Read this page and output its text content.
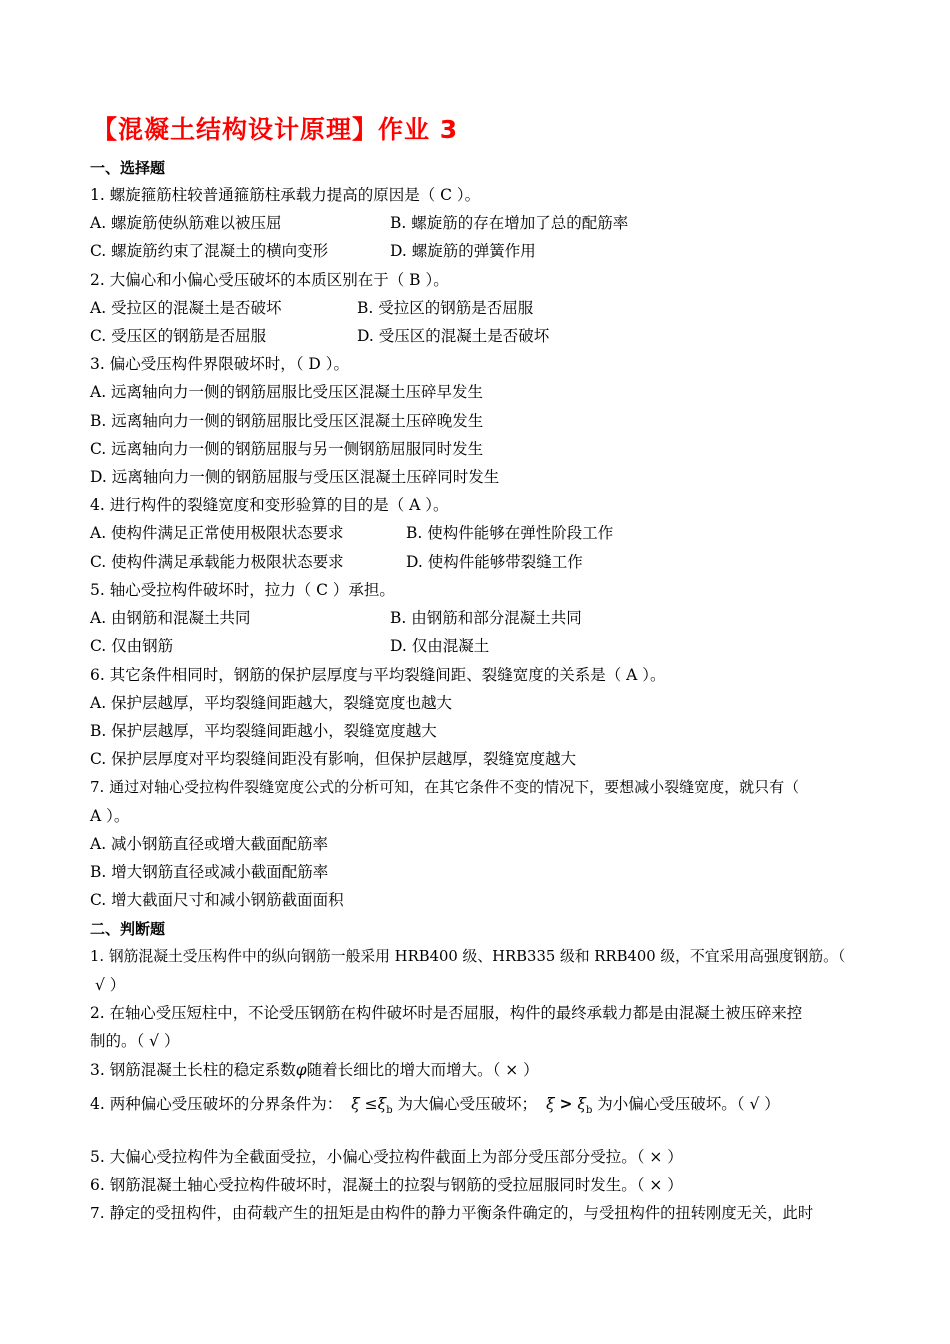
【混凝土结构设计原理】作业 3
一、选择题
1. 螺旋箍筋柱较普通箍筋柱承载力提高的原因是（ C ）。
A. 螺旋筋使纵筋难以被压屈	B. 螺旋筋的存在增加了总的配筋率
C. 螺旋筋约束了混凝土的横向变形	D. 螺旋筋的弹簧作用
2. 大偏心和小偏心受压破坏的本质区别在于（ B ）。
A. 受拉区的混凝土是否破坏	B. 受拉区的钢筋是否屈服
C. 受压区的钢筋是否屈服	D. 受压区的混凝土是否破坏
3. 偏心受压构件界限破坏时，（ D ）。
A. 远离轴向力一侧的钢筋屈服比受压区混凝土压碎早发生
B. 远离轴向力一侧的钢筋屈服比受压区混凝土压碎晚发生
C. 远离轴向力一侧的钢筋屈服与另一侧钢筋屈服同时发生
D. 远离轴向力一侧的钢筋屈服与受压区混凝土压碎同时发生
4. 进行构件的裂缝宽度和变形验算的目的是（ A ）。
A. 使构件满足正常使用极限状态要求	B. 使构件能够在弹性阶段工作
C. 使构件满足承载能力极限状态要求	D. 使构件能够带裂缝工作
5. 轴心受拉构件破坏时，拉力（ C ）承担。
A. 由钢筋和混凝土共同	B. 由钢筋和部分混凝土共同
C. 仅由钢筋	D. 仅由混凝土
6. 其它条件相同时，钢筋的保护层厚度与平均裂缝间距、裂缝宽度的关系是（ A ）。
A. 保护层越厚，平均裂缝间距越大，裂缝宽度也越大
B. 保护层越厚，平均裂缝间距越小，裂缝宽度越大
C. 保护层厚度对平均裂缝间距没有影响，但保护层越厚，裂缝宽度越大
7. 通过对轴心受拉构件裂缝宽度公式的分析可知，在其它条件不变的情况下，要想减小裂缝宽度，就只有（
A ）。
A. 减小钢筋直径或增大截面配筋率
B. 增大钢筋直径或减小截面配筋率
C. 增大截面尺寸和减小钢筋截面面积
二、判断题
1. 钢筋混凝土受压构件中的纵向钢筋一般采用 HRB400 级、HRB335 级和 RRB400 级，不宜采用高强度钢筋。（
√ ）
2. 在轴心受压短柱中，不论受压钢筋在构件破坏时是否屈服，构件的最终承载力都是由混凝土被压碎来控
制的。（ √ ）
3. 钢筋混凝土长柱的稳定系数φ随着长细比的增大而增大。（ × ）
4. 两种偏心受压破坏的分界条件为： $\xi \le\xi_b$ 为大偏心受压破坏； $\xi > \xi_b$ 为小偏心受压破坏。（ √ ）
5. 大偏心受拉构件为全截面受拉，小偏心受拉构件截面上为部分受压部分受拉。（ × ）
6. 钢筋混凝土轴心受拉构件破坏时，混凝土的拉裂与钢筋的受拉屈服同时发生。（ × ）
7. 静定的受扭构件，由荷载产生的扭矩是由构件的静力平衡条件确定的，与受扭构件的扭转刚度无关，此时
